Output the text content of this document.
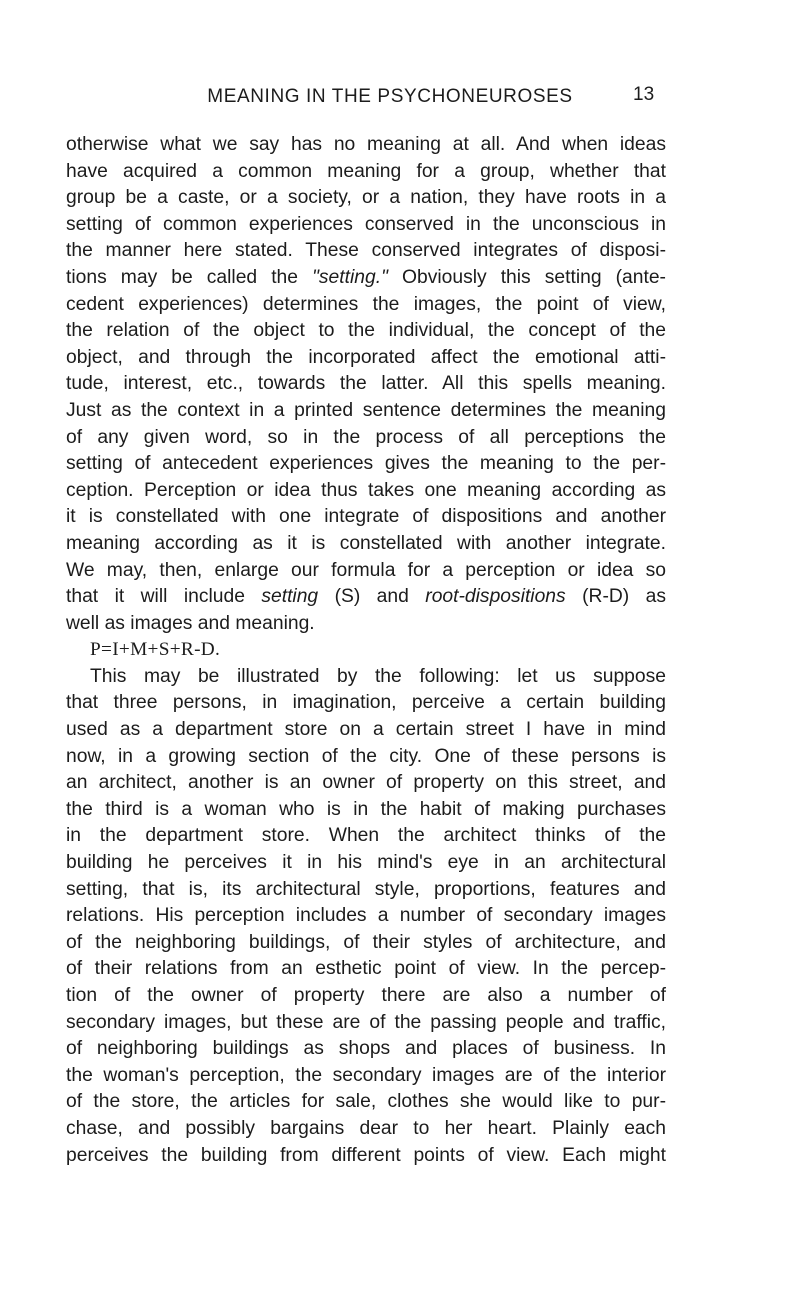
MEANING IN THE PSYCHONEUROSES	13
otherwise what we say has no meaning at all. And when ideas
have acquired a common meaning for a group, whether that
group be a caste, or a society, or a nation, they have roots in a
setting of common experiences conserved in the unconscious in
the manner here stated. These conserved integrates of disposi-
tions may be called the "setting." Obviously this setting (ante-
cedent experiences) determines the images, the point of view,
the relation of the object to the individual, the concept of the
object, and through the incorporated affect the emotional atti-
tude, interest, etc., towards the latter. All this spells meaning.
Just as the context in a printed sentence determines the meaning
of any given word, so in the process of all perceptions the
setting of antecedent experiences gives the meaning to the per-
ception. Perception or idea thus takes one meaning according as
it is constellated with one integrate of dispositions and another
meaning according as it is constellated with another integrate.
We may, then, enlarge our formula for a perception or idea so
that it will include setting (S) and root-dispositions (R-D) as
well as images and meaning.
P=I+M+S+R-D.
This may be illustrated by the following: let us suppose
that three persons, in imagination, perceive a certain building
used as a department store on a certain street I have in mind
now, in a growing section of the city. One of these persons is
an architect, another is an owner of property on this street, and
the third is a woman who is in the habit of making purchases
in the department store. When the architect thinks of the
building he perceives it in his mind's eye in an architectural
setting, that is, its architectural style, proportions, features and
relations. His perception includes a number of secondary images
of the neighboring buildings, of their styles of architecture, and
of their relations from an esthetic point of view. In the percep-
tion of the owner of property there are also a number of
secondary images, but these are of the passing people and traffic,
of neighboring buildings as shops and places of business. In
the woman's perception, the secondary images are of the interior
of the store, the articles for sale, clothes she would like to pur-
chase, and possibly bargains dear to her heart. Plainly each
perceives the building from different points of view. Each might
